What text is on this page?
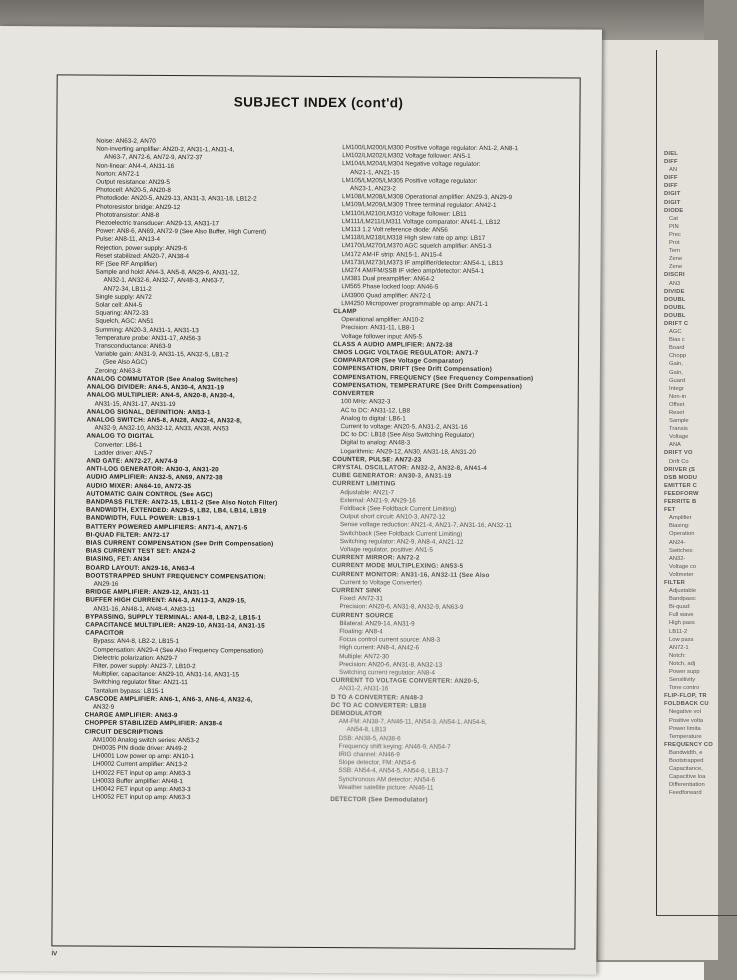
DIEL
DIFF
AN
DIFF
DIFF
DIGIT
DIGIT
DIODE
Cat
PIN
Prec
Prot
Tem
Zene
Zene
DISCRI
AN3
DIVIDE
DOUBL
DOUBL
DOUBL
DRIFT C
AGC
Bias c
Board
Chopp
Gain,
Gain,
Guard
Integr
Non-in
Offset
Reset
Sample
Transis
Voltage
ANA
DRIFT VO
Drift Co
DRIVER (S
DSB MODU
EMITTER C
FEEDFORW
FERRITE B
FET
Amplifier
Biasing:
Operation
AN24-
Switches:
AN32-
Voltage co
Voltmeter
FILTER
Adjustable
Bandpass:
Bi-quad:
Full wave
High pass
LB11-2
Low pass
AN72-1
Notch:
Notch, adj
Power supp
Sensitivity
Tone contro
FLIP-FLOP, TR
FOLDBACK CU
Negative vol
Positive volta
Power limita
Temperature
FREQUENCY CO
Bandwidth, e
Bootstrapped
Capacitance,
Capacitive loa
Differentiation
Feedforward
SUBJECT INDEX (cont'd)
Noise: AN63-2, AN70
Non-inverting amplifier: AN20-2, AN31-1, AN31-4,
AN63-7, AN72-6, AN72-9, AN72-37
Non-linear: AN4-4, AN31-16
Norton: AN72-1
Output resistance: AN29-5
Photocell: AN20-5, AN20-8
Photodiode: AN20-5, AN29-13, AN31-3, AN31-18, LB12-2
Photoresistor bridge: AN29-12
Phototransistor: AN8-8
Piezoelectric transducer: AN29-13, AN31-17
Power: AN8-6, AN69, AN72-9 (See Also Buffer, High Current)
Pulse: AN8-11, AN13-4
Rejection, power supply: AN29-6
Reset stabilized: AN20-7, AN38-4
RF (See RF Amplifier)
Sample and hold: AN4-3, AN5-8, AN29-6, AN31-12,
AN32-1, AN32-6, AN32-7, AN48-3, AN63-7,
AN72-34, LB11-2
Single supply: AN72
Solar cell: AN4-5
Squaring: AN72-33
Squelch, AGC: AN51
Summing: AN20-3, AN31-1, AN31-13
Temperature probe: AN31-17, AN56-3
Transconductance: AN63-9
Variable gain: AN31-9, AN31-15, AN32-5, LB1-2
(See Also AGC)
Zeroing: AN63-8
ANALOG COMMUTATOR (See Analog Switches)
ANALOG DIVIDER: AN4-5, AN30-4, AN31-19
ANALOG MULTIPLIER: AN4-5, AN20-8, AN30-4,
AN31-15, AN31-17, AN31-19
ANALOG SIGNAL, DEFINITION: AN53-1
ANALOG SWITCH: AN5-8, AN28, AN32-4, AN32-8,
AN32-9, AN32-10, AN32-12, AN33, AN38, AN53
ANALOG TO DIGITAL
Converter: LB6-1
Ladder driver: AN5-7
AND GATE: AN72-27, AN74-9
ANTI-LOG GENERATOR: AN30-3, AN31-20
AUDIO AMPLIFIER: AN32-5, AN69, AN72-38
AUDIO MIXER: AN64-10, AN72-35
AUTOMATIC GAIN CONTROL (See AGC)
BANDPASS FILTER: AN72-15, LB11-2 (See Also Notch Filter)
BANDWIDTH, EXTENDED: AN29-5, LB2, LB4, LB14, LB19
BANDWIDTH, FULL POWER: LB19-1
BATTERY POWERED AMPLIFIERS: AN71-4, AN71-5
BI-QUAD FILTER: AN72-17
BIAS CURRENT COMPENSATION (See Drift Compensation)
BIAS CURRENT TEST SET: AN24-2
BIASING, FET: AN34
BOARD LAYOUT: AN29-16, AN63-4
BOOTSTRAPPED SHUNT FREQUENCY COMPENSATION:
AN29-16
BRIDGE AMPLIFIER: AN29-12, AN31-11
BUFFER HIGH CURRENT: AN4-3, AN13-3, AN29-15,
AN31-16, AN48-1, AN48-4, AN63-11
BYPASSING, SUPPLY TERMINAL: AN4-8, LB2-2, LB15-1
CAPACITANCE MULTIPLIER: AN29-10, AN31-14, AN31-15
CAPACITOR
Bypass: AN4-8, LB2-2, LB15-1
Compensation: AN29-4 (See Also Frequency Compensation)
Dielectric polarization: AN29-7
Filter, power supply: AN23-7, LB10-2
Multiplier, capacitance: AN29-10, AN31-14, AN31-15
Switching regulator filter: AN21-11
Tantalum bypass: LB15-1
CASCODE AMPLIFIER: AN6-1, AN6-3, AN6-4, AN32-6,
AN32-9
CHARGE AMPLIFIER: AN63-9
CHOPPER STABILIZED AMPLIFIER: AN38-4
CIRCUIT DESCRIPTIONS
AM1000 Analog switch series: AN53-2
DH0035 PIN diode driver: AN49-2
LH0001 Low power op amp: AN10-1
LH0002 Current amplifier: AN13-2
LH0022 FET input op amp: AN63-3
LH0033 Buffer amplifier: AN48-1
LH0042 FET input op amp: AN63-3
LH0052 FET input op amp: AN63-3
LM100/LM200/LM300 Positive voltage regulator: AN1-2, AN8-1
LM102/LM202/LM302 Voltage follower: AN5-1
LM104/LM204/LM304 Negative voltage regulator:
AN21-1, AN21-15
LM105/LM205/LM305 Positive voltage regulator:
AN23-1, AN23-2
LM108/LM208/LM308 Operational amplifier: AN29-3, AN29-9
LM109/LM209/LM309 Three terminal regulator: AN42-1
LM110/LM210/LM310 Voltage follower: LB11
LM111/LM211/LM311 Voltage comparator: AN41-1, LB12
LM113 1.2 Volt reference diode: AN56
LM118/LM218/LM318 High slew rate op amp: LB17
LM170/LM270/LM370 AGC squelch amplifier: AN51-3
LM172 AM-IF strip: AN15-1, AN15-4
LM173/LM273/LM373 IF amplifier/detector: AN54-1, LB13
LM274 AM/FM/SSB IF video amp/detector: AN54-1
LM381 Dual preamplifier: AN64-2
LM565 Phase locked loop: AN46-5
LM3900 Quad amplifier: AN72-1
LM4250 Micropower programmable op amp: AN71-1
CLAMP
Operational amplifier: AN10-2
Precision: AN31-11, LB8-1
Voltage follower input: AN5-5
CLASS A AUDIO AMPLIFIER: AN72-38
CMOS LOGIC VOLTAGE REGULATOR: AN71-7
COMPARATOR (See Voltage Comparator)
COMPENSATION, DRIFT (See Drift Compensation)
COMPENSATION, FREQUENCY (See Frequency Compensation)
COMPENSATION, TEMPERATURE (See Drift Compensation)
CONVERTER
100 MHz: AN32-3
AC to DC: AN31-12, LB8
Analog to digital: LB6-1
Current to voltage: AN20-5, AN31-2, AN31-16
DC to DC: LB18 (See Also Switching Regulator)
Digital to analog: AN48-3
Logarithmic: AN29-12, AN30, AN31-18, AN31-20
COUNTER, PULSE: AN72-23
CRYSTAL OSCILLATOR: AN32-2, AN32-8, AN41-4
CUBE GENERATOR: AN30-3, AN31-19
CURRENT LIMITING
Adjustable: AN21-7
External: AN21-9, AN29-16
Foldback (See Foldback Current Limiting)
Output short circuit: AN10-3, AN72-12
Sense voltage reduction: AN21-4, AN21-7, AN31-16, AN32-11
Switchback (See Foldback Current Limiting)
Switching regulator: AN2-9, AN8-4, AN21-12
Voltage regulator, positive: AN1-5
CURRENT MIRROR: AN72-2
CURRENT MODE MULTIPLEXING: AN53-5
CURRENT MONITOR: AN31-16, AN32-11 (See Also
Current to Voltage Converter)
CURRENT SINK
Fixed: AN72-31
Precision: AN20-6, AN31-8, AN32-9, AN63-9
CURRENT SOURCE
Bilateral: AN29-14, AN31-9
Floating: AN8-4
Focus control current source: AN8-3
High current: AN8-4, AN42-6
Multiple: AN72-30
Precision: AN20-6, AN31-8, AN32-13
Switching current regulator: AN8-4
CURRENT TO VOLTAGE CONVERTER: AN20-5,
AN31-2, AN31-16
D TO A CONVERTER: AN48-3
DC TO AC CONVERTER: LB18
DEMODULATOR
AM-FM: AN38-7, AN46-11, AN54-3, AN54-1, AN54-6,
AN54-8, LB13
DSB: AN38-5, AN38-6
Frequency shift keying: AN46-9, AN54-7
IRIG channel: AN46-9
Slope detector, FM: AN54-6
SSB: AN54-4, AN54-5, AN54-8, LB13-7
Synchronous AM detector: AN54-6
Weather satellite picture: AN46-11
DETECTOR (See Demodulator)
iv
